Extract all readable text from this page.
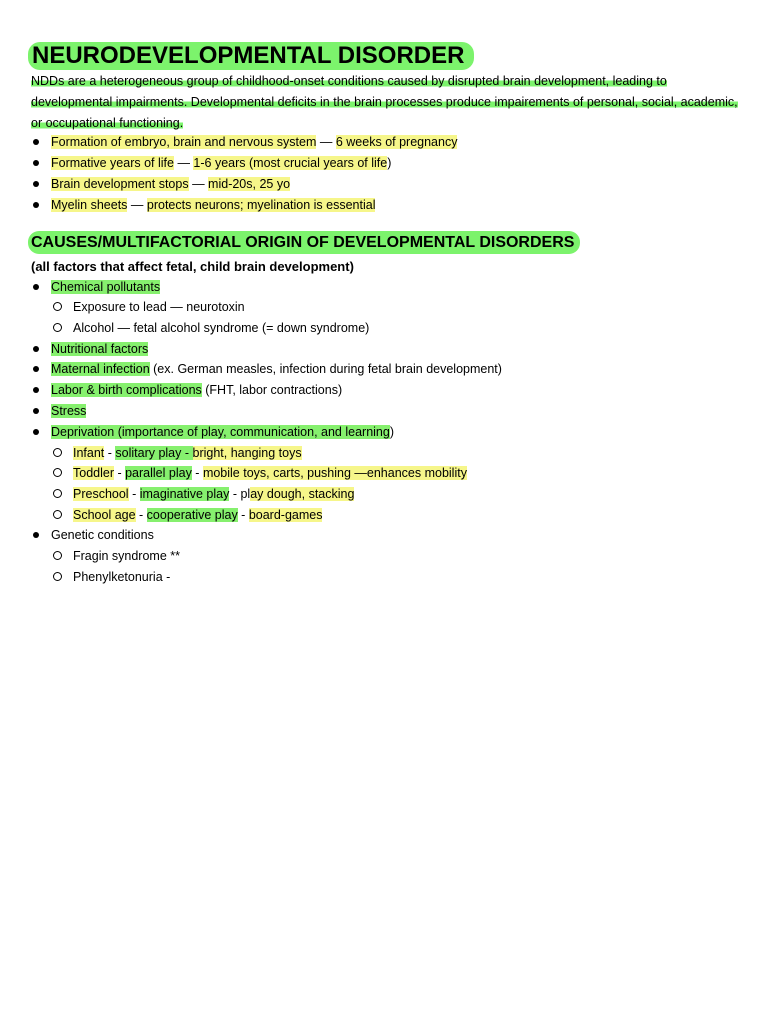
NEURODEVELOPMENTAL DISORDER
NDDs are a heterogeneous group of childhood-onset conditions caused by disrupted brain development, leading to
developmental impairments. Developmental deficits in the brain processes produce impairements of personal, social, academic,
or occupational functioning.
Formation of embryo, brain and nervous system — 6 weeks of pregnancy
Formative years of life — 1-6 years (most crucial years of life)
Brain development stops — mid-20s, 25 yo
Myelin sheets — protects neurons; myelination is essential
CAUSES/MULTIFACTORIAL ORIGIN OF DEVELOPMENTAL DISORDERS
(all factors that affect fetal, child brain development)
Chemical pollutants
Exposure to lead — neurotoxin
Alcohol — fetal alcohol syndrome (= down syndrome)
Nutritional factors
Maternal infection (ex. German measles, infection during fetal brain development)
Labor & birth complications (FHT, labor contractions)
Stress
Deprivation (importance of play, communication, and learning)
Infant - solitary play - bright, hanging toys
Toddler - parallel play - mobile toys, carts, pushing —enhances mobility
Preschool - imaginative play - play dough, stacking
School age - cooperative play - board-games
Genetic conditions
Fragin syndrome **
Phenylketonuria -
